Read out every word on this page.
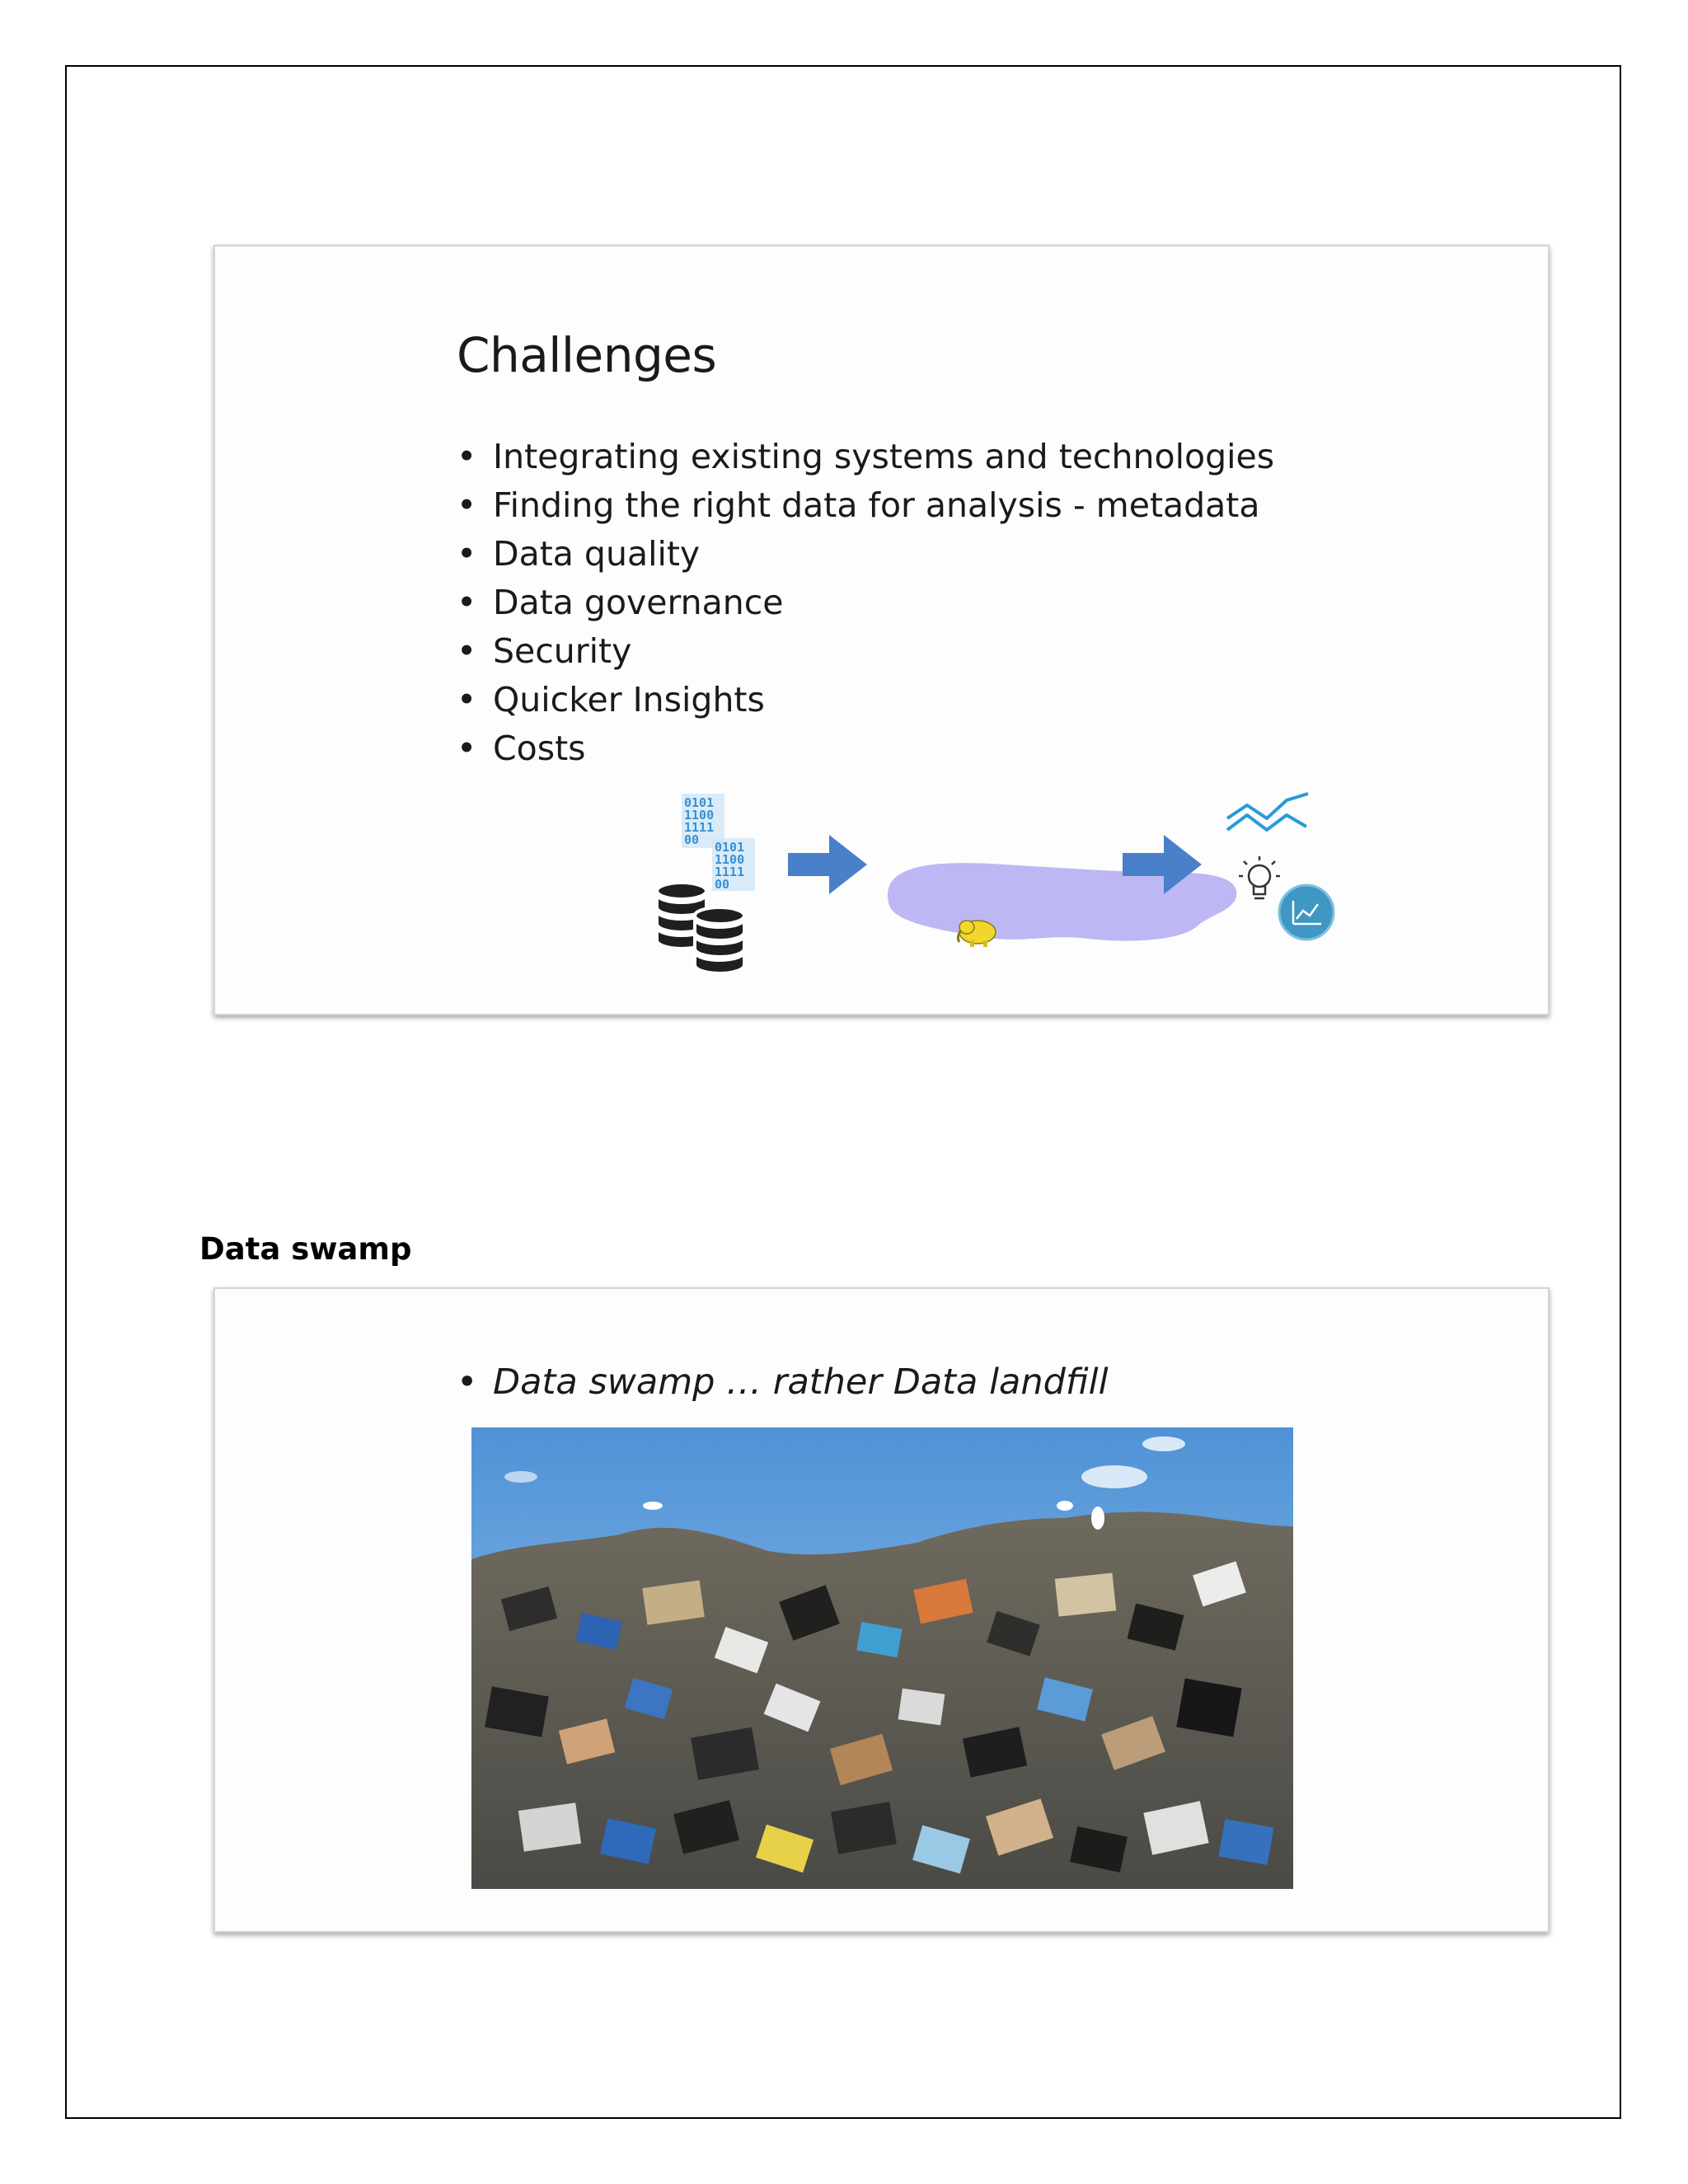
Challenges
• Integrating existing systems and technologies
• Finding the right data for analysis - metadata
• Data quality
• Data governance
• Security
• Quicker Insights
• Costs
0101
1100
1111
00 0101
1100
1111
00
Data swamp

• Data swamp … rather Data landfill
